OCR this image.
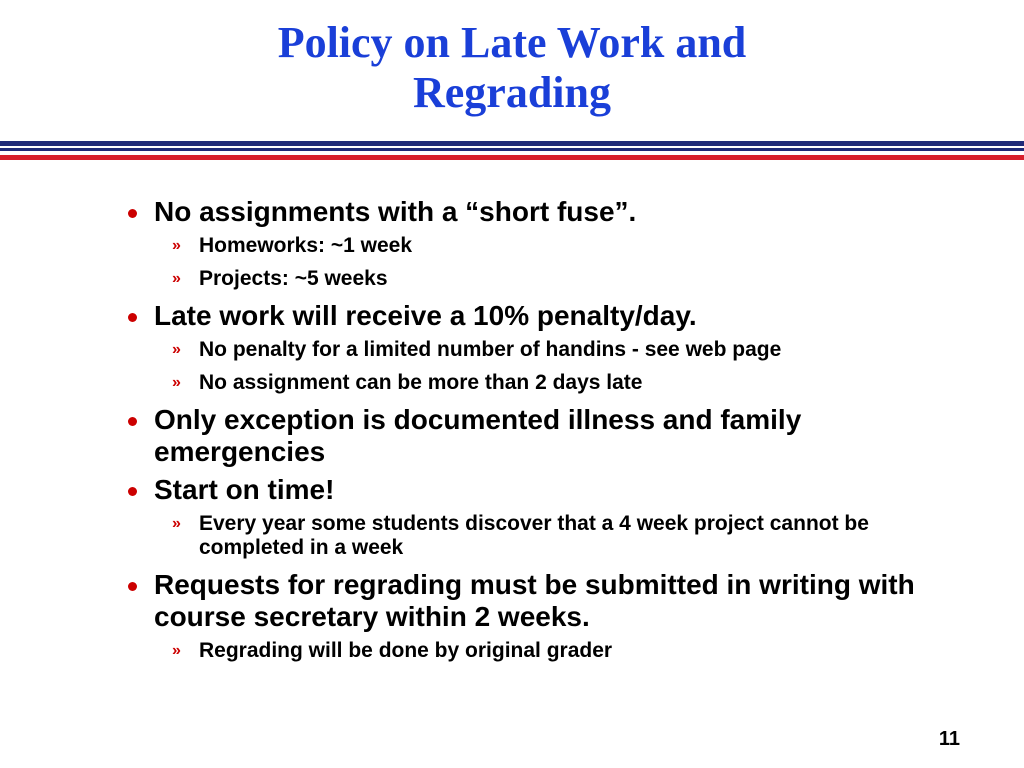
Policy on Late Work and
Regrading
No assignments with a “short fuse”.
» Homeworks: ~1 week
» Projects: ~5 weeks
Late work will receive a 10% penalty/day.
» No penalty for a limited number of handins - see web page
» No assignment can be more than 2 days late
Only exception is documented illness and family emergencies
Start on time!
» Every year some students discover that a 4 week project cannot be completed in a week
Requests for regrading must be submitted in writing with course secretary within 2 weeks.
» Regrading will be done by original grader
11
